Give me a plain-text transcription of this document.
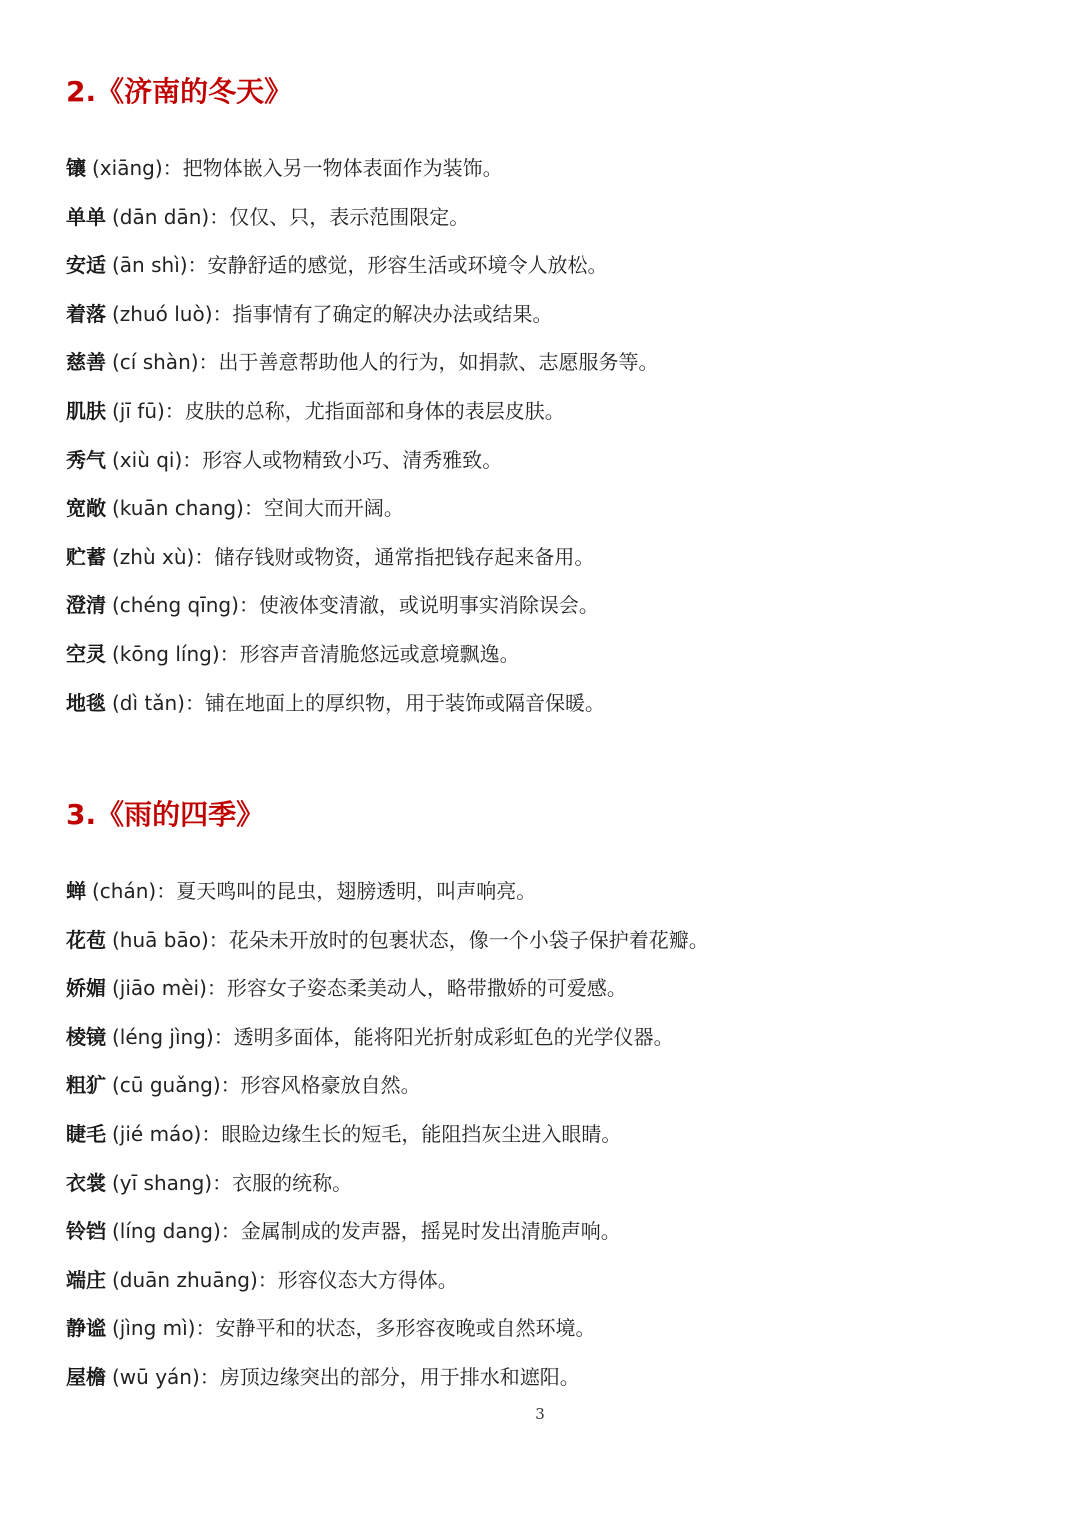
2.《济南的冬天》
镶 (xiāng)：把物体嵌入另一物体表面作为装饰。
单单 (dān dān)：仅仅、只，表示范围限定。
安适 (ān shì)：安静舒适的感觉，形容生活或环境令人放松。
着落 (zhuó luò)：指事情有了确定的解决办法或结果。
慈善 (cí shàn)：出于善意帮助他人的行为，如捐款、志愿服务等。
肌肤 (jī fū)：皮肤的总称，尤指面部和身体的表层皮肤。
秀气 (xiù qi)：形容人或物精致小巧、清秀雅致。
宽敞 (kuān chang)：空间大而开阔。
贮蓄 (zhù xù)：储存钱财或物资，通常指把钱存起来备用。
澄清 (chéng qīng)：使液体变清澈，或说明事实消除误会。
空灵 (kōng líng)：形容声音清脆悠远或意境飘逸。
地毯 (dì tǎn)：铺在地面上的厚织物，用于装饰或隔音保暖。
3.《雨的四季》
蝉 (chán)：夏天鸣叫的昆虫，翅膀透明，叫声响亮。
花苞 (huā bāo)：花朵未开放时的包裹状态，像一个小袋子保护着花瓣。
娇媚 (jiāo mèi)：形容女子姿态柔美动人，略带撒娇的可爱感。
棱镜 (léng jìng)：透明多面体，能将阳光折射成彩虹色的光学仪器。
粗犷 (cū guǎng)：形容风格豪放自然。
睫毛 (jié máo)：眼睑边缘生长的短毛，能阻挡灰尘进入眼睛。
衣裳 (yī shang)：衣服的统称。
铃铛 (líng dang)：金属制成的发声器，摇晃时发出清脆声响。
端庄 (duān zhuāng)：形容仪态大方得体。
静谧 (jìng mì)：安静平和的状态，多形容夜晚或自然环境。
屋檐 (wū yán)：房顶边缘突出的部分，用于排水和遮阳。
3
